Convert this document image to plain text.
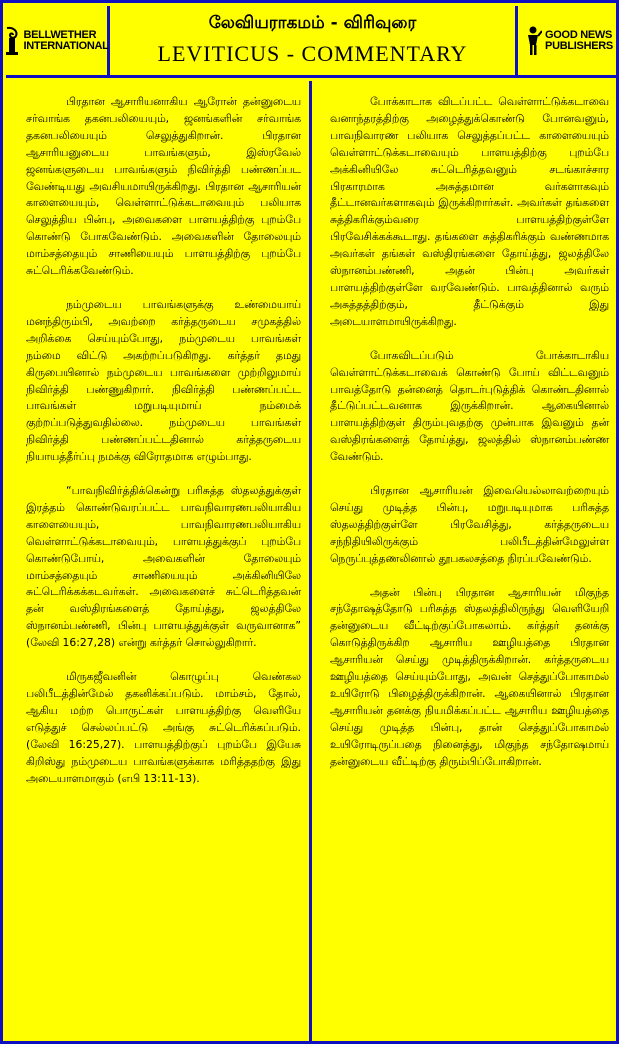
BELLWETHER
INTERNATIONAL
லேவியராகமம் - விரிவுரை
LEVITICUS - COMMENTARY
GOOD NEWS
PUBLISHERS

பிரதான ஆசாரியனாகிய ஆரோன் தன்னுடைய சர்வாங்க தகனபலியையும், ஜனங்களின் சர்வாங்க தகனபலியையும் செலுத்துகிறான். பிரதான ஆசாரியனுடைய பாவங்களும், இஸ்ரவேல் ஜனங்களுடைய பாவங்களும் நிவிர்த்தி பண்ணப்பட வேண்டியது அவசியமாயிருக்கிறது. பிரதான ஆசாரியன் காளையையும், வெள்ளாட்டுக்கடாவையும் பலியாக செலுத்திய பின்பு, அவைகளை பாளயத்திற்கு புறம்பே கொண்டு போகவேண்டும். அவைகளின் தோலையும் மாம்சத்தையும் சாணியையும் பாளயத்திற்கு புறம்பே சுட்டெரிக்கவேண்டும்.

நம்முடைய பாவங்களுக்கு உண்மையாய் மனந்திரும்பி, அவற்றை கர்த்தருடைய சமுகத்தில் அறிக்கை செய்யும்போது, நம்முடைய பாவங்கள் நம்மை விட்டு அகற்றப்படுகிறது. கர்த்தர் தமது கிருபையினால் நம்முடைய பாவங்களை முற்றிலுமாய் நிவிர்த்தி பண்ணுகிறார். நிவிர்த்தி பண்ணப்பட்ட பாவங்கள் மறுபடியுமாய் நம்மைக் குற்றப்படுத்துவதில்லை. நம்முடைய பாவங்கள் நிவிர்த்தி பண்ணப்பட்டதினால் கர்த்தருடைய நியாயத்தீர்ப்பு நமக்கு விரோதமாக எழும்பாது.

“பாவநிவிர்த்திக்கென்று பரிசுத்த ஸ்தலத்துக்குள் இரத்தம் கொண்டுவரப்பட்ட பாவநிவாரணபலியாகிய காளையையும், பாவநிவாரணபலியாகிய வெள்ளாட்டுக்கடாவையும், பாளயத்துக்குப் புறம்பே கொண்டுபோய், அவைகளின் தோலையும் மாம்சத்தையும் சாணியையும் அக்கினியிலே சுட்டெரிக்கக்கடவர்கள். அவைகளைச் சுட்டெரித்தவன் தன் வஸ்திரங்களைத் தோய்த்து, ஜலத்திலே ஸ்நானம்பண்ணி, பின்பு பாளயத்துக்குள் வருவானாக” (லேவி 16:27,28) என்று கர்த்தர் சொல்லுகிறார்.

மிருகஜீவனின் கொழுப்பு வெண்கல பலிபீடத்தின்மேல் தகனிக்கப்படும். மாம்சம், தோல், ஆகிய மற்ற பொருட்கள் பாளயத்திற்கு வெளியே எடுத்துச் செல்லப்பட்டு அங்கு சுட்டெரிக்கப்படும். (லேவி 16:25,27). பாளயத்திற்குப் புறம்பே இயேசு கிறிஸ்து நம்முடைய பாவங்களுக்காக மரித்ததற்கு இது அடையாளமாகும் (எபி 13:11-13).

போக்காடாக விடப்பட்ட வெள்ளாட்டுக்கடாவை வனாந்தரத்திற்கு அழைத்துக்கொண்டு போனவனும், பாவநிவாரண பலியாக செலுத்தப்பட்ட காளையையும் வெள்ளாட்டுக்கடாவையும் பாளயத்திற்கு புறம்பே அக்கினியிலே சுட்டெரித்தவனும் சடங்காச்சார பிரகாரமாக அசுத்தமான வர்களாகவும் தீட்டானவர்களாகவும் இருக்கிறார்கள். அவர்கள் தங்களை சுத்திகரிக்கும்வரை பாளயத்திற்குள்ளே பிரவேசிக்கக்கூடாது. தங்களை சுத்திகரிக்கும் வண்ணமாக அவர்கள் தங்கள் வஸ்திரங்களை தோய்த்து, ஜலத்திலே ஸ்நானம்பண்ணி, அதன் பின்பு அவர்கள் பாளயத்திற்குள்ளே வரவேண்டும். பாவத்தினால் வரும் அசுத்தத்திற்கும், தீட்டுக்கும் இது அடையாளமாயிருக்கிறது.

போகவிடப்படும் போக்காடாகிய வெள்ளாட்டுக்கடாவைக் கொண்டு போய் விட்டவனும் பாவத்தோடு தன்னைத் தொடர்புடுத்திக் கொண்டதினால் தீட்டுப்பட்டவனாக இருக்கிறான். ஆகையினால் பாளயத்திற்குள் திரும்புவதற்கு முன்பாக இவனும் தன் வஸ்திரங்களைத் தோய்த்து, ஜலத்தில் ஸ்நானம்பண்ண வேண்டும்.

பிரதான ஆசாரியன் இவையெல்லாவற்றையும் செய்து முடித்த பின்பு, மறுபடியுமாக பரிசுத்த ஸ்தலத்திற்குள்ளே பிரவேசித்து, கர்த்தருடைய சந்நிதியிலிருக்கும் பலிபீடத்தின்மேலுள்ள நெருப்புத்தணலினால் தூபகலசத்தை நிரப்பவேண்டும்.

அதன் பின்பு பிரதான ஆசாரியன் மிகுந்த சந்தோஷத்தோடு பரிசுத்த ஸ்தலத்திலிருந்து வெளியேறி தன்னுடைய வீட்டிற்குப்போகலாம். கர்த்தர் தனக்கு கொடுத்திருக்கிற ஆசாரிய ஊழியத்தை பிரதான ஆசாரியன் செய்து முடித்திருக்கிறான். கர்த்தருடைய ஊழியத்தை செய்யும்போது, அவன் செத்துப்போகாமல் உயிரோடு பிழைத்திருக்கிறான். ஆகையினால் பிரதான ஆசாரியன் தனக்கு நியமிக்கப்பட்ட ஆசாரிய ஊழியத்தை செய்து முடித்த பின்பு, தான் செத்துப்போகாமல் உயிரோடிருப்பதை நினைத்து, மிகுந்த சந்தோஷமாய் தன்னுடைய வீட்டிற்கு திரும்பிப்போகிறான்.
